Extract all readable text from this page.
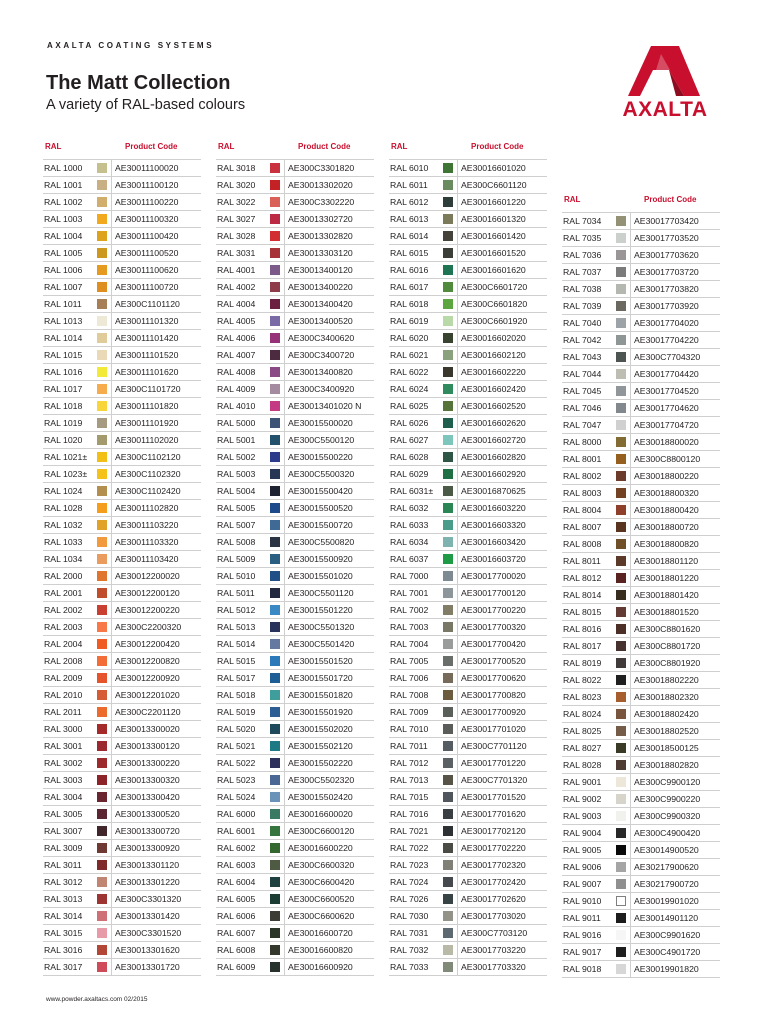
AXALTA COATING SYSTEMS
The Matt Collection
A variety of RAL-based colours	AXALTA
RAL	Product Code
RAL 1000	AE30011100020
RAL 1001	AE30011100120
RAL 1002	AE30011100220
RAL 1003	AE30011100320
RAL 1004	AE30011100420
RAL 1005	AE30011100520
RAL 1006	AE30011100620
RAL 1007	AE30011100720
RAL 1011	AE300C1101120
RAL 1013	AE30011101320
RAL 1014	AE30011101420
RAL 1015	AE30011101520
RAL 1016	AE30011101620
RAL 1017	AE300C1101720
RAL 1018	AE30011101820
RAL 1019	AE30011101920
RAL 1020	AE30011102020
RAL 1021±	AE300C1102120
RAL 1023±	AE300C1102320
RAL 1024	AE300C1102420
RAL 1028	AE30011102820
RAL 1032	AE30011103220
RAL 1033	AE30011103320
RAL 1034	AE30011103420
RAL 2000	AE30012200020
RAL 2001	AE30012200120
RAL 2002	AE30012200220
RAL 2003	AE300C2200320
RAL 2004	AE30012200420
RAL 2008	AE30012200820
RAL 2009	AE30012200920
RAL 2010	AE30012201020
RAL 2011	AE300C2201120
RAL 3000	AE30013300020
RAL 3001	AE30013300120
RAL 3002	AE30013300220
RAL 3003	AE30013300320
RAL 3004	AE30013300420
RAL 3005	AE30013300520
RAL 3007	AE30013300720
RAL 3009	AE30013300920
RAL 3011	AE30013301120
RAL 3012	AE30013301220
RAL 3013	AE300C3301320
RAL 3014	AE30013301420
RAL 3015	AE300C3301520
RAL 3016	AE30013301620
RAL 3017	AE30013301720
RAL	Product Code
RAL 3018	AE300C3301820
RAL 3020	AE30013302020
RAL 3022	AE300C3302220
RAL 3027	AE30013302720
RAL 3028	AE30013302820
RAL 3031	AE30013303120
RAL 4001	AE30013400120
RAL 4002	AE30013400220
RAL 4004	AE30013400420
RAL 4005	AE30013400520
RAL 4006	AE300C3400620
RAL 4007	AE300C3400720
RAL 4008	AE30013400820
RAL 4009	AE300C3400920
RAL 4010	AE30013401020 N
RAL 5000	AE30015500020
RAL 5001	AE300C5500120
RAL 5002	AE30015500220
RAL 5003	AE300C5500320
RAL 5004	AE30015500420
RAL 5005	AE30015500520
RAL 5007	AE30015500720
RAL 5008	AE300C5500820
RAL 5009	AE30015500920
RAL 5010	AE30015501020
RAL 5011	AE300C5501120
RAL 5012	AE30015501220
RAL 5013	AE300C5501320
RAL 5014	AE300C5501420
RAL 5015	AE30015501520
RAL 5017	AE30015501720
RAL 5018	AE30015501820
RAL 5019	AE30015501920
RAL 5020	AE30015502020
RAL 5021	AE30015502120
RAL 5022	AE30015502220
RAL 5023	AE300C5502320
RAL 5024	AE30015502420
RAL 6000	AE30016600020
RAL 6001	AE300C6600120
RAL 6002	AE30016600220
RAL 6003	AE300C6600320
RAL 6004	AE300C6600420
RAL 6005	AE300C6600520
RAL 6006	AE300C6600620
RAL 6007	AE30016600720
RAL 6008	AE30016600820
RAL 6009	AE30016600920
RAL	Product Code
RAL 6010	AE30016601020
RAL 6011	AE300C6601120
RAL 6012	AE30016601220
RAL 6013	AE30016601320
RAL 6014	AE30016601420
RAL 6015	AE30016601520
RAL 6016	AE30016601620
RAL 6017	AE300C6601720
RAL 6018	AE300C6601820
RAL 6019	AE300C6601920
RAL 6020	AE30016602020
RAL 6021	AE30016602120
RAL 6022	AE30016602220
RAL 6024	AE30016602420
RAL 6025	AE30016602520
RAL 6026	AE30016602620
RAL 6027	AE30016602720
RAL 6028	AE30016602820
RAL 6029	AE30016602920
RAL 6031±	AE30016870625
RAL 6032	AE30016603220
RAL 6033	AE30016603320
RAL 6034	AE30016603420
RAL 6037	AE30016603720
RAL 7000	AE30017700020
RAL 7001	AE30017700120
RAL 7002	AE30017700220
RAL 7003	AE30017700320
RAL 7004	AE30017700420
RAL 7005	AE30017700520
RAL 7006	AE30017700620
RAL 7008	AE30017700820
RAL 7009	AE30017700920
RAL 7010	AE30017701020
RAL 7011	AE300C7701120
RAL 7012	AE30017701220
RAL 7013	AE300C7701320
RAL 7015	AE30017701520
RAL 7016	AE30017701620
RAL 7021	AE30017702120
RAL 7022	AE30017702220
RAL 7023	AE30017702320
RAL 7024	AE30017702420
RAL 7026	AE30017702620
RAL 7030	AE30017703020
RAL 7031	AE300C7703120
RAL 7032	AE30017703220
RAL 7033	AE30017703320
RAL	Product Code
RAL 7034	AE30017703420
RAL 7035	AE30017703520
RAL 7036	AE30017703620
RAL 7037	AE30017703720
RAL 7038	AE30017703820
RAL 7039	AE30017703920
RAL 7040	AE30017704020
RAL 7042	AE30017704220
RAL 7043	AE300C7704320
RAL 7044	AE30017704420
RAL 7045	AE30017704520
RAL 7046	AE30017704620
RAL 7047	AE30017704720
RAL 8000	AE30018800020
RAL 8001	AE300C8800120
RAL 8002	AE30018800220
RAL 8003	AE30018800320
RAL 8004	AE30018800420
RAL 8007	AE30018800720
RAL 8008	AE30018800820
RAL 8011	AE30018801120
RAL 8012	AE30018801220
RAL 8014	AE30018801420
RAL 8015	AE30018801520
RAL 8016	AE300C8801620
RAL 8017	AE300C8801720
RAL 8019	AE300C8801920
RAL 8022	AE30018802220
RAL 8023	AE30018802320
RAL 8024	AE30018802420
RAL 8025	AE30018802520
RAL 8027	AE30018500125
RAL 8028	AE30018802820
RAL 9001	AE300C9900120
RAL 9002	AE300C9900220
RAL 9003	AE300C9900320
RAL 9004	AE300C4900420
RAL 9005	AE30014900520
RAL 9006	AE30217900620
RAL 9007	AE30217900720
RAL 9010	AE30019901020
RAL 9011	AE30014901120
RAL 9016	AE300C9901620
RAL 9017	AE300C4901720
RAL 9018	AE30019901820
www.powder.axaltacs.com 02/2015
